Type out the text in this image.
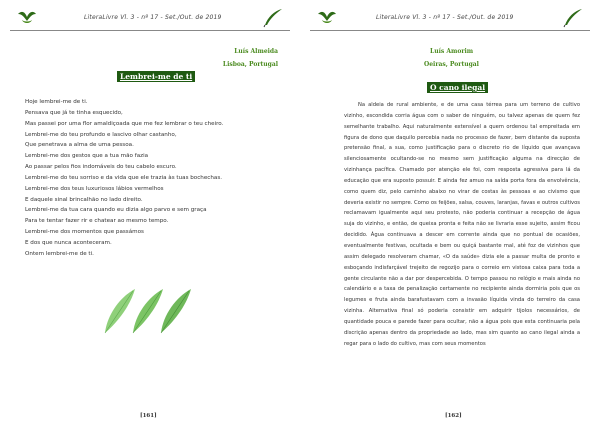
LiteraLivre Vl. 3 - nº 17 - Set./Out. de 2019
Luís Almeida
Lisboa, Portugal
Lembrei-me de ti
Hoje lembrei-me de ti.
Pensava que já te tinha esquecido,
Mas passei por uma flor amaldiçoada que me fez lembrar o teu cheiro.
Lembrei-me do teu profundo e lascivo olhar castanho,
Que penetrava a alma de uma pessoa.
Lembrei-me dos gestos que a tua mão fazia
Ao passar pelos fios indomáveis do teu cabelo escuro.
Lembrei-me do teu sorriso e da vida que ele trazia às tuas bochechas.
Lembrei-me dos teus luxuriosos lábios vermelhos
E daquele sinal brincalhão no lado direito.
Lembrei-me da tua cara quando eu dizia algo parvo e sem graça
Para te tentar fazer rir e chatear ao mesmo tempo.
Lembrei-me dos momentos que passámos
E dos que nunca aconteceram.
Ontem lembrei-me de ti.
[161]
LiteraLivre Vl. 3 - nº 17 - Set./Out. de 2019
Luís Amorim
Oeiras, Portugal
O cano ilegal
Na aldeia de rural ambiente, e de uma casa térrea para um terreno de cultivo vizinho, escondida corria água com o saber de ninguém, ou talvez apenas de quem fez semelhante trabalho. Aqui naturalmente extensível a quem ordenou tal empreitada em figura de dono que daquilo percebia nada no processo de fazer, bem distante da suposta pretensão final, a sua, como justificação para o discreto rio de líquido que avançava silenciosamente ocultando-se no mesmo sem justificação alguma na direcção de vizinhança pacífica. Chamado por atenção ele foi, com resposta agressiva para lá da educação que era suposto possuir. E ainda fez amuo na saída porta fora da envolvência, como quem diz, pelo caminho abaixo no virar de costas às pessoas e ao civismo que deveria existir no sempre. Como os feijões, salsa, couves, laranjas, favas e outros cultivos reclamavam igualmente aqui seu protesto, não poderia continuar a recepção de água suja do vizinho, e então, de queixa pronta e feita não se livraria esse sujeito, assim ficou decidido. Água continuava a descer em corrente ainda que no pontual de ocasiões, eventualmente festivas, ocultada e bem ou quiçá bastante mal, até foz de vizinhos que assim delegado resolveram chamar, «O da saúde» dizia ele a passar multa de pronto e esboçando indisfarçável trejeito de regozijo para o correio em vistosa caixa para toda a gente circulante não a dar por despercebida. O tempo passou no relógio e mais ainda no calendário e a taxa de penalização certamente no recipiente ainda dormiria pois que os legumes e fruta ainda barafustavam com a invasão líquida vinda do terreiro da casa vizinha. Alternativa final só poderia consistir em adquirir tijolos necessários, de quantidade pouca e parede fazer para ocultar, não a água pois que esta continuaria pela discrição apenas dentro da propriedade ao lado, mas sim quanto ao cano ilegal ainda a regar para o lado do cultivo, mas com seus momentos
[162]
